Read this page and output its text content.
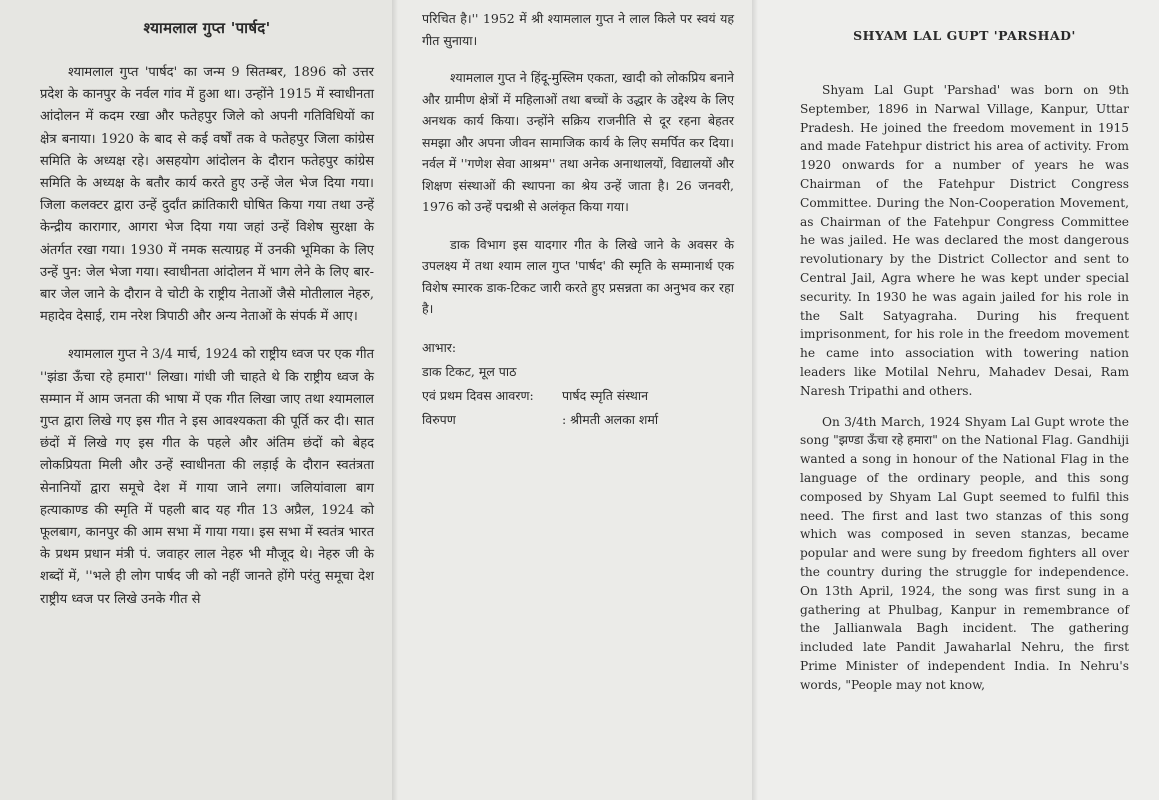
श्यामलाल गुप्त 'पार्षद'

श्यामलाल गुप्त 'पार्षद' का जन्म 9 सितम्बर, 1896 को उत्तर प्रदेश के कानपुर के नर्वल गांव में हुआ था। उन्होंने 1915 में स्वाधीनता आंदोलन में कदम रखा और फतेहपुर जिले को अपनी गतिविधियों का क्षेत्र बनाया। 1920 के बाद से कई वर्षों तक वे फतेहपुर जिला कांग्रेस समिति के अध्यक्ष रहे। असहयोग आंदोलन के दौरान फतेहपुर कांग्रेस समिति के अध्यक्ष के बतौर कार्य करते हुए उन्हें जेल भेज दिया गया। जिला कलक्टर द्वारा उन्हें दुर्दांत क्रांतिकारी घोषित किया गया तथा उन्हें केन्द्रीय कारागार, आगरा भेज दिया गया जहां उन्हें विशेष सुरक्षा के अंतर्गत रखा गया। 1930 में नमक सत्याग्रह में उनकी भूमिका के लिए उन्हें पुन: जेल भेजा गया। स्वाधीनता आंदोलन में भाग लेने के लिए बार-बार जेल जाने के दौरान वे चोटी के राष्ट्रीय नेताओं जैसे मोतीलाल नेहरु, महादेव देसाई, राम नरेश त्रिपाठी और अन्य नेताओं के संपर्क में आए।

श्यामलाल गुप्त ने 3/4 मार्च, 1924 को राष्ट्रीय ध्वज पर एक गीत ''झंडा ऊँचा रहे हमारा'' लिखा। गांधी जी चाहते थे कि राष्ट्रीय ध्वज के सम्मान में आम जनता की भाषा में एक गीत लिखा जाए तथा श्यामलाल गुप्त द्वारा लिखे गए इस गीत ने इस आवश्यकता की पूर्ति कर दी। सात छंदों में लिखे गए इस गीत के पहले और अंतिम छंदों को बेहद लोकप्रियता मिली और उन्हें स्वाधीनता की लड़ाई के दौरान स्वतंत्रता सेनानियों द्वारा समूचे देश में गाया जाने लगा। जलियांवाला बाग हत्याकाण्ड की स्मृति में पहली बाद यह गीत 13 अप्रैल, 1924 को फूलबाग, कानपुर की आम सभा में गाया गया। इस सभा में स्वतंत्र भारत के प्रथम प्रधान मंत्री पं. जवाहर लाल नेहरु भी मौजूद थे। नेहरु जी के शब्दों में, ''भले ही लोग पार्षद जी को नहीं जानते होंगे परंतु समूचा देश राष्ट्रीय ध्वज पर लिखे उनके गीत से

परिचित है।'' 1952 में श्री श्यामलाल गुप्त ने लाल किले पर स्वयं यह गीत सुनाया।

श्यामलाल गुप्त ने हिंदू-मुस्लिम एकता, खादी को लोकप्रिय बनाने और ग्रामीण क्षेत्रों में महिलाओं तथा बच्चों के उद्धार के उद्देश्य के लिए अनथक कार्य किया। उन्होंने सक्रिय राजनीति से दूर रहना बेहतर समझा और अपना जीवन सामाजिक कार्य के लिए समर्पित कर दिया। नर्वल में ''गणेश सेवा आश्रम'' तथा अनेक अनाथालयों, विद्यालयों और शिक्षण संस्थाओं की स्थापना का श्रेय उन्हें जाता है। 26 जनवरी, 1976 को उन्हें पद्मश्री से अलंकृत किया गया।

डाक विभाग इस यादगार गीत के लिखे जाने के अवसर के उपलक्ष्य में तथा श्याम लाल गुप्त 'पार्षद' की स्मृति के सम्मानार्थ एक विशेष स्मारक डाक-टिकट जारी करते हुए प्रसन्नता का अनुभव कर रहा है।

आभार:
डाक टिकट, मूल पाठ
एवं प्रथम दिवस आवरण:	पार्षद स्मृति संस्थान
विरुपण	: श्रीमती अलका शर्मा
SHYAM LAL GUPT 'PARSHAD'

Shyam Lal Gupt 'Parshad' was born on 9th September, 1896 in Narwal Village, Kanpur, Uttar Pradesh. He joined the freedom movement in 1915 and made Fatehpur district his area of activity. From 1920 onwards for a number of years he was Chairman of the Fatehpur District Congress Committee. During the Non-Cooperation Movement, as Chairman of the Fatehpur Congress Committee he was jailed. He was declared the most dangerous revolutionary by the District Collector and sent to Central Jail, Agra where he was kept under special security. In 1930 he was again jailed for his role in the Salt Satyagraha. During his frequent imprisonment, for his role in the freedom movement he came into association with towering nation leaders like Motilal Nehru, Mahadev Desai, Ram Naresh Tripathi and others.

On 3/4th March, 1924 Shyam Lal Gupt wrote the song "झण्डा ऊँचा रहे हमारा" on the National Flag. Gandhiji wanted a song in honour of the National Flag in the language of the ordinary people, and this song composed by Shyam Lal Gupt seemed to fulfil this need. The first and last two stanzas of this song which was composed in seven stanzas, became popular and were sung by freedom fighters all over the country during the struggle for independence. On 13th April, 1924, the song was first sung in a gathering at Phulbag, Kanpur in remembrance of the Jallianwala Bagh incident. The gathering included late Pandit Jawaharlal Nehru, the first Prime Minister of independent India. In Nehru's words, "People may not know,
